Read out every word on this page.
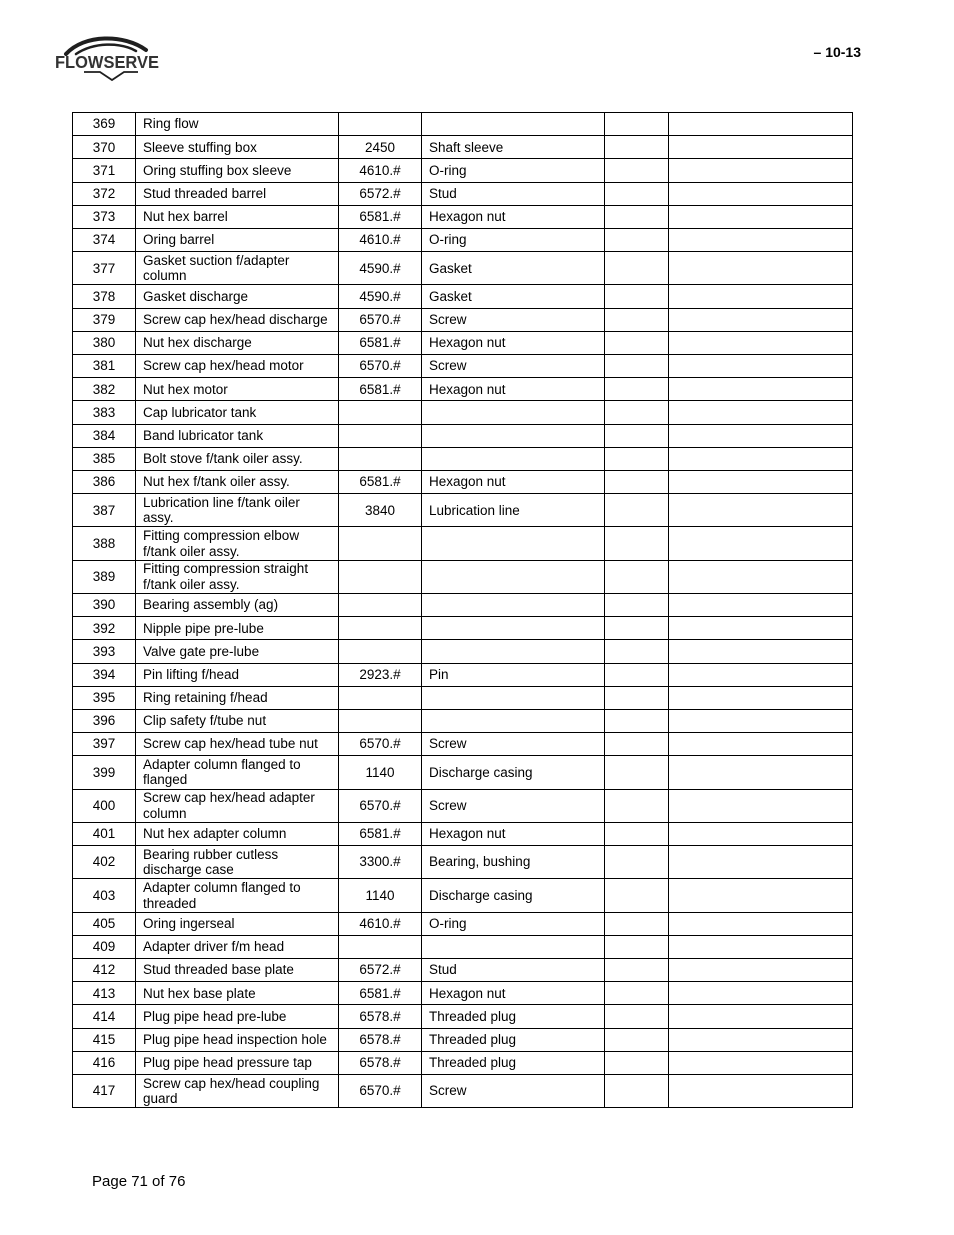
FLOWSERVE	– 10-13
369	Ring flow				
370	Sleeve stuffing box	2450	Shaft sleeve		
371	Oring stuffing box sleeve	4610.#	O-ring		
372	Stud threaded barrel	6572.#	Stud		
373	Nut hex barrel	6581.#	Hexagon nut		
374	Oring barrel	4610.#	O-ring		
377	Gasket suction f/adapter column	4590.#	Gasket		
378	Gasket discharge	4590.#	Gasket		
379	Screw cap hex/head discharge	6570.#	Screw		
380	Nut hex discharge	6581.#	Hexagon nut		
381	Screw cap hex/head motor	6570.#	Screw		
382	Nut hex motor	6581.#	Hexagon nut		
383	Cap lubricator tank				
384	Band lubricator tank				
385	Bolt stove f/tank oiler assy.				
386	Nut hex f/tank oiler assy.	6581.#	Hexagon nut		
387	Lubrication line f/tank oiler assy.	3840	Lubrication line		
388	Fitting compression elbow f/tank oiler assy.				
389	Fitting compression straight f/tank oiler assy.				
390	Bearing assembly (ag)				
392	Nipple pipe pre-lube				
393	Valve gate pre-lube				
394	Pin lifting f/head	2923.#	Pin		
395	Ring retaining f/head				
396	Clip safety f/tube nut				
397	Screw cap hex/head tube nut	6570.#	Screw		
399	Adapter column flanged to flanged	1140	Discharge casing		
400	Screw cap hex/head adapter column	6570.#	Screw		
401	Nut hex adapter column	6581.#	Hexagon nut		
402	Bearing rubber cutless discharge case	3300.#	Bearing, bushing		
403	Adapter column flanged to threaded	1140	Discharge casing		
405	Oring ingerseal	4610.#	O-ring		
409	Adapter driver f/m head				
412	Stud threaded base plate	6572.#	Stud		
413	Nut hex base plate	6581.#	Hexagon nut		
414	Plug pipe head pre-lube	6578.#	Threaded plug		
415	Plug pipe head inspection hole	6578.#	Threaded plug		
416	Plug pipe head pressure tap	6578.#	Threaded plug		
417	Screw cap hex/head coupling guard	6570.#	Screw		
Page 71 of 76
